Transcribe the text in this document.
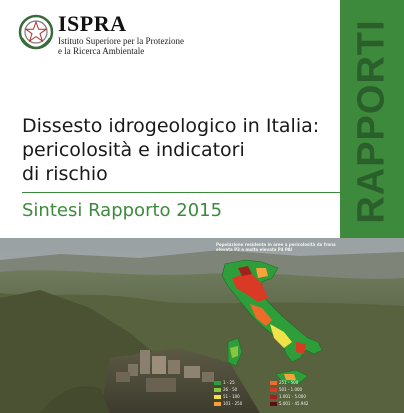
ISPRA
Istituto Superiore per la Protezione
e la Ricerca Ambientale	RAPPORTI
Dissesto idrogeologico in Italia:
pericolosità e indicatori
di rischio
Sintesi Rapporto 2015
Popolazione residente in aree a pericolosità da frana
elevata P3 e molto elevata P4 PAI
1 - 25
26 - 50
51 - 100
101 - 250
251 - 500
501 - 1.000
1.001 - 5.000
5.001 - 45.942
